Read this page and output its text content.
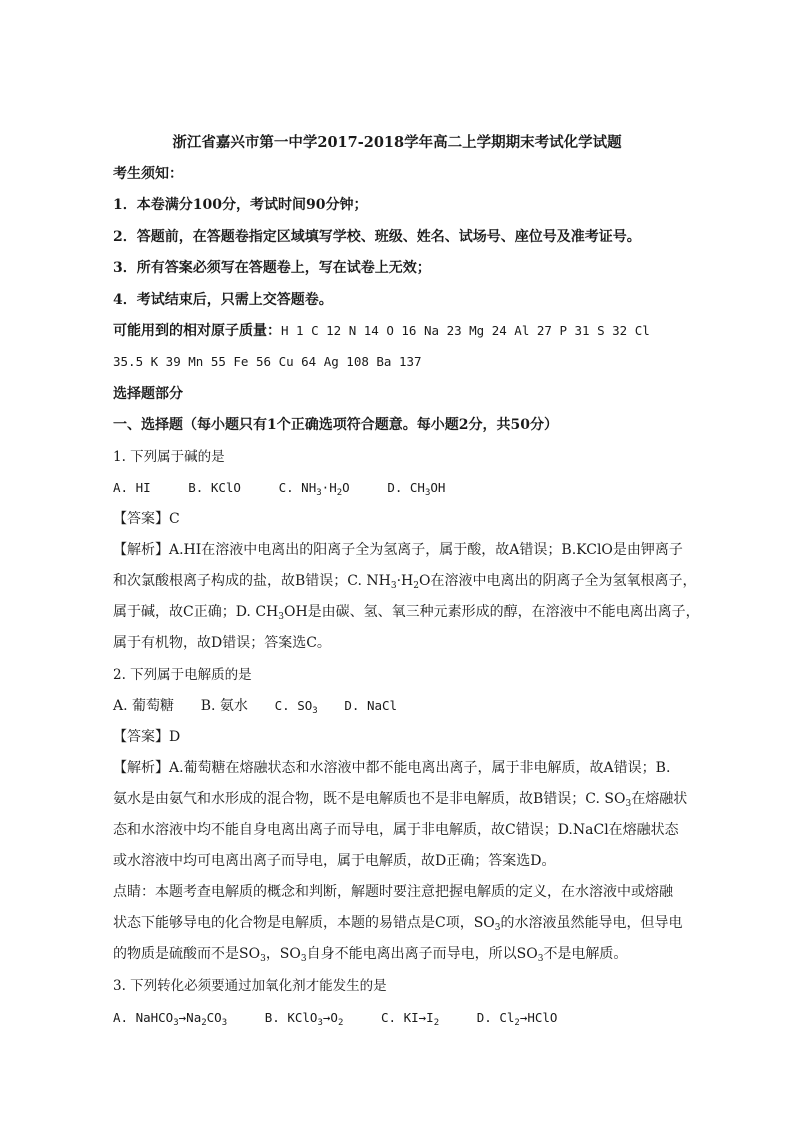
浙江省嘉兴市第一中学2017-2018学年高二上学期期末考试化学试题
考生须知：
1．本卷满分100分，考试时间90分钟；
2．答题前，在答题卷指定区域填写学校、班级、姓名、试场号、座位号及准考证号。
3．所有答案必须写在答题卷上，写在试卷上无效；
4．考试结束后，只需上交答题卷。
可能用到的相对原子质量：H 1 C 12 N 14 O 16 Na 23 Mg 24 Al 27 P 31 S 32 Cl
35.5 K 39 Mn 55 Fe 56 Cu 64 Ag 108 Ba 137
选择题部分
一、选择题（每小题只有1个正确选项符合题意。每小题2分，共50分）
1. 下列属于碱的是
A. HI	B. KClO	C. $NH_3\cdot H_2O$	D. $CH_3OH$
【答案】C
【解析】A.HI在溶液中电离出的阳离子全为氢离子，属于酸，故A错误；B.KClO是由钾离子
和次氯酸根离子构成的盐，故B错误；C. $NH_3\cdot H_2O$在溶液中电离出的阴离子全为氢氧根离子，
属于碱，故C正确；D. $CH_3OH$是由碳、氢、氧三种元素形成的醇，在溶液中不能电离出离子，
属于有机物，故D错误；答案选C。
2. 下列属于电解质的是
A. 葡萄糖 B. 氨水 C. $SO_3$ D. NaCl
【答案】D
【解析】A.葡萄糖在熔融状态和水溶液中都不能电离出离子，属于非电解质，故A错误；B.
氨水是由氨气和水形成的混合物，既不是电解质也不是非电解质，故B错误；C. $SO_3$在熔融状
态和水溶液中均不能自身电离出离子而导电，属于非电解质，故C错误；D.NaCl在熔融状态
或水溶液中均可电离出离子而导电，属于电解质，故D正确；答案选D。
点睛：本题考查电解质的概念和判断，解题时要注意把握电解质的定义，在水溶液中或熔融
状态下能够导电的化合物是电解质，本题的易错点是C项，$SO_3$的水溶液虽然能导电，但导电
的物质是硫酸而不是$SO_3$，$SO_3$自身不能电离出离子而导电，所以$SO_3$不是电解质。
3. 下列转化必须要通过加氧化剂才能发生的是
A. $NaHCO_3\to Na_2CO_3$	B. $KClO_3\to O_2$	C. $KI\to I_2$	D. $Cl_2\to HClO$
